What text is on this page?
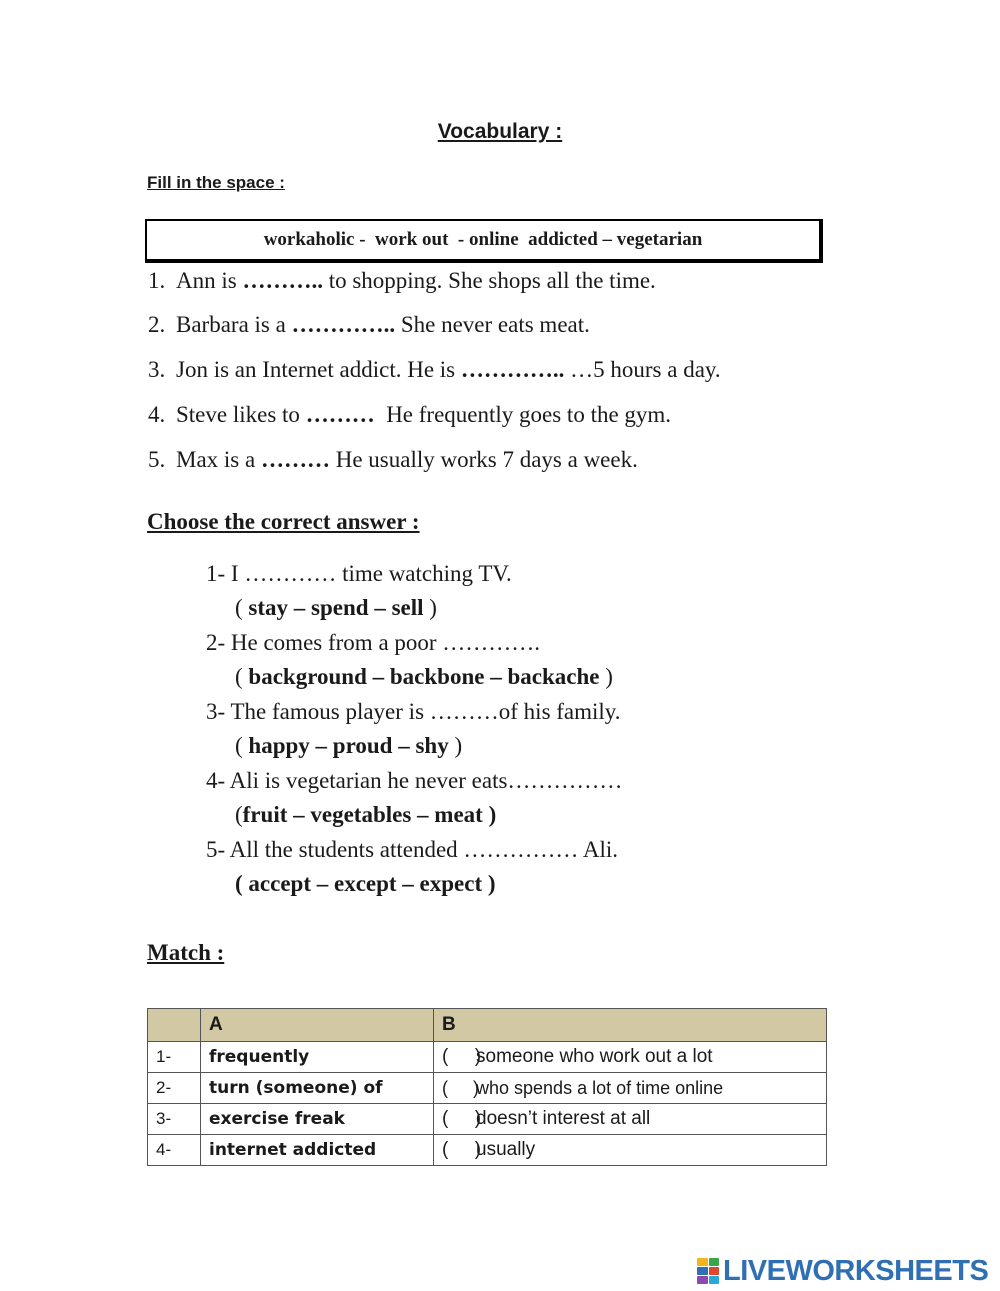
Vocabulary :
Fill in the space :
workaholic -  work out  - online  addicted – vegetarian
1. Ann is ……….. to shopping. She shops all the time.
2. Barbara is a ………….. She never eats meat.
3. Jon is an Internet addict. He is ………….. …5 hours a day.
4. Steve likes to ………  He frequently goes to the gym.
5. Max is a ……… He usually works 7 days a week.
Choose the correct answer :
1- I ………… time watching TV.
( stay – spend – sell )
2- He comes from a poor ………….
( background – backbone – backache )
3- The famous player is ………of his family.
( happy – proud – shy )
4- Ali is vegetarian he never eats……………
(fruit – vegetables – meat )
5- All the students attended …………… Ali.
( accept – except – expect )
Match :
	A	B
1-	frequently	(     )someone who work out a lot
2-	turn (someone) of	(     )who spends a lot of time online
3-	exercise freak	(     )doesn’t interest at all
4-	internet addicted	(     )usually
LIVEWORKSHEETS
